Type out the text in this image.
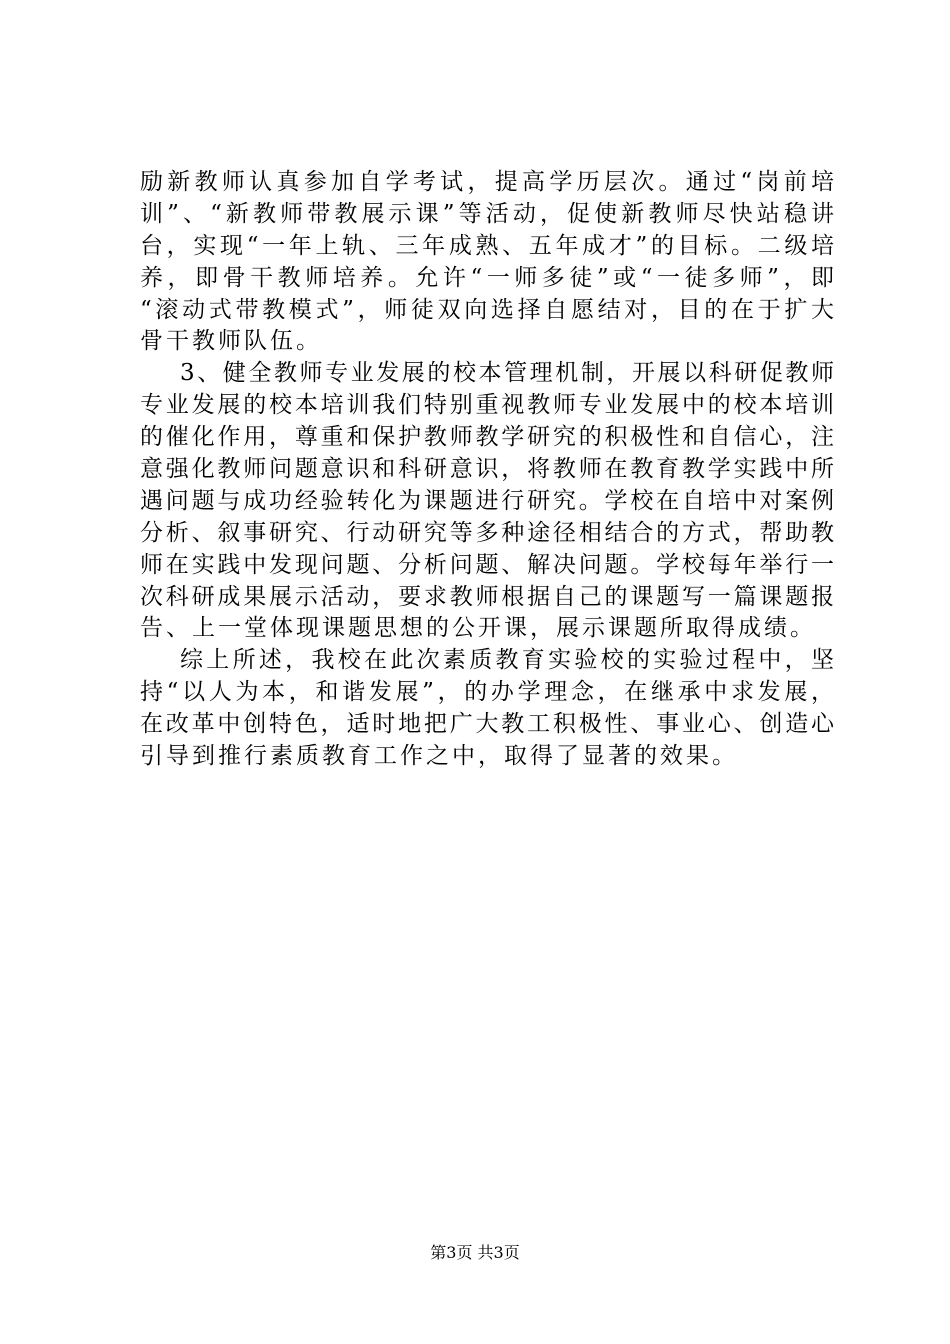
励新教师认真参加自学考试，提高学历层次。通过“岗前培
训”、“新教师带教展示课”等活动，促使新教师尽快站稳讲
台，实现“一年上轨、三年成熟、五年成才”的目标。二级培
养，即骨干教师培养。允许“一师多徒”或“一徒多师”，即
“滚动式带教模式”，师徒双向选择自愿结对，目的在于扩大
骨干教师队伍。
3、健全教师专业发展的校本管理机制，开展以科研促教师
专业发展的校本培训我们特别重视教师专业发展中的校本培训
的催化作用，尊重和保护教师教学研究的积极性和自信心，注
意强化教师问题意识和科研意识，将教师在教育教学实践中所
遇问题与成功经验转化为课题进行研究。学校在自培中对案例
分析、叙事研究、行动研究等多种途径相结合的方式，帮助教
师在实践中发现问题、分析问题、解决问题。学校每年举行一
次科研成果展示活动，要求教师根据自己的课题写一篇课题报
告、上一堂体现课题思想的公开课，展示课题所取得成绩。
综上所述，我校在此次素质教育实验校的实验过程中，坚
持“以人为本，和谐发展”，的办学理念，在继承中求发展，
在改革中创特色，适时地把广大教工积极性、事业心、创造心
引导到推行素质教育工作之中，取得了显著的效果。
第3页 共3页
